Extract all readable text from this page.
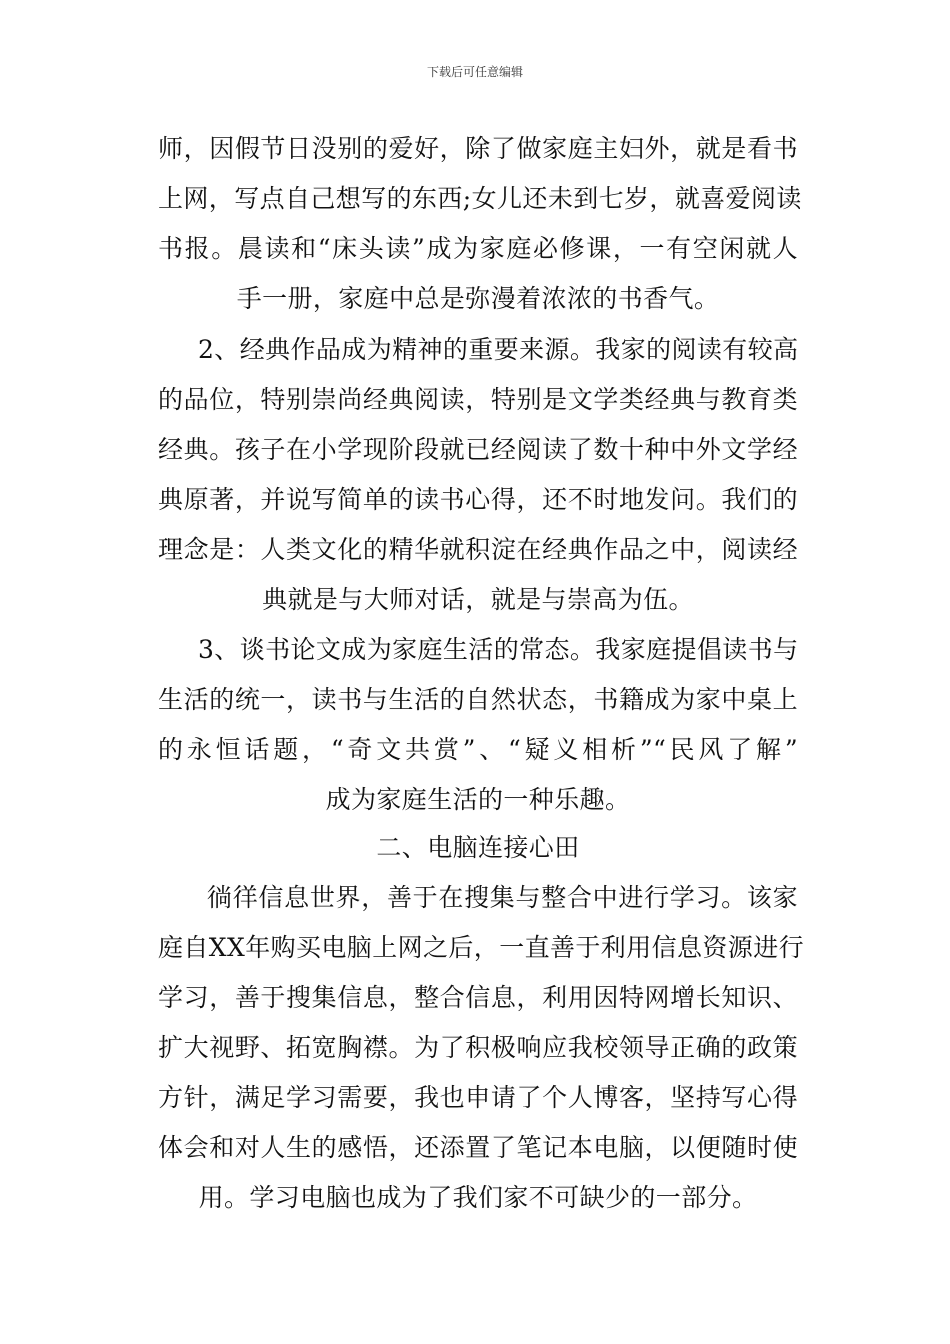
下载后可任意编辑
师，因假节日没别的爱好，除了做家庭主妇外，就是看书
上网，写点自己想写的东西;女儿还未到七岁，就喜爱阅读
书报。晨读和“床头读”成为家庭必修课，一有空闲就人
手一册，家庭中总是弥漫着浓浓的书香气。
2、经典作品成为精神的重要来源。我家的阅读有较高
的品位，特别崇尚经典阅读，特别是文学类经典与教育类
经典。孩子在小学现阶段就已经阅读了数十种中外文学经
典原著，并说写简单的读书心得，还不时地发问。我们的
理念是：人类文化的精华就积淀在经典作品之中，阅读经
典就是与大师对话，就是与崇高为伍。
3、谈书论文成为家庭生活的常态。我家庭提倡读书与
生活的统一，读书与生活的自然状态，书籍成为家中桌上
的永恒话题，“奇文共赏”、“疑义相析”“民风了解”
成为家庭生活的一种乐趣。
二、电脑连接心田
徜徉信息世界，善于在搜集与整合中进行学习。该家
庭自XX年购买电脑上网之后，一直善于利用信息资源进行
学习，善于搜集信息，整合信息，利用因特网增长知识、
扩大视野、拓宽胸襟。为了积极响应我校领导正确的政策
方针，满足学习需要，我也申请了个人博客，坚持写心得
体会和对人生的感悟，还添置了笔记本电脑，以便随时使
用。学习电脑也成为了我们家不可缺少的一部分。
